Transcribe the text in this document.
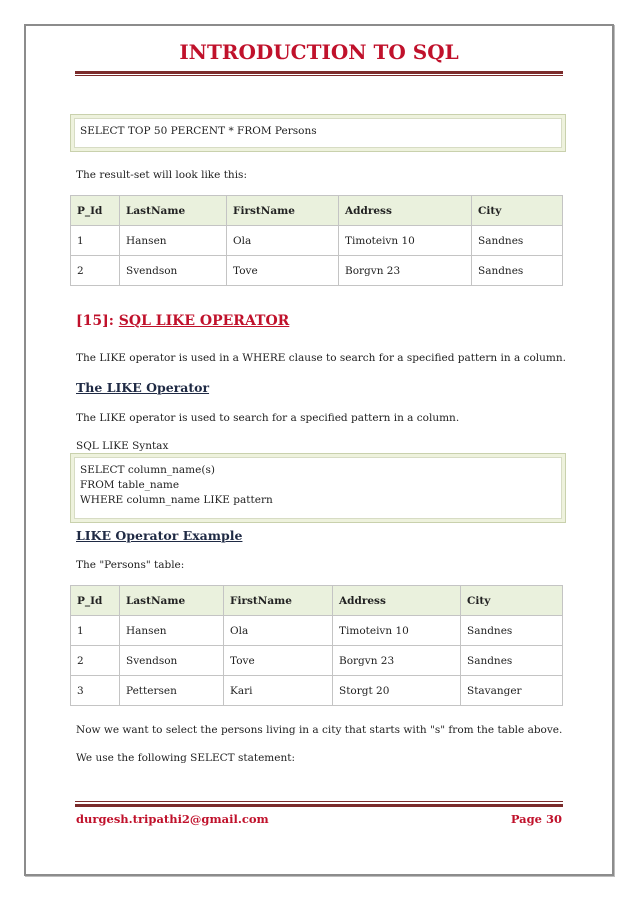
INTRODUCTION TO SQL
SELECT TOP 50 PERCENT * FROM Persons
The result-set will look like this:
P_Id	LastName	FirstName	Address	City
1	Hansen	Ola	Timoteivn 10	Sandnes
2	Svendson	Tove	Borgvn 23	Sandnes
[15]: SQL LIKE OPERATOR
The LIKE operator is used in a WHERE clause to search for a specified pattern in a column.
The LIKE Operator
The LIKE operator is used to search for a specified pattern in a column.
SQL LIKE Syntax
SELECT column_name(s)
FROM table_name
WHERE column_name LIKE pattern
LIKE Operator Example
The "Persons" table:
P_Id	LastName	FirstName	Address	City
1	Hansen	Ola	Timoteivn 10	Sandnes
2	Svendson	Tove	Borgvn 23	Sandnes
3	Pettersen	Kari	Storgt 20	Stavanger
Now we want to select the persons living in a city that starts with "s" from the table above.
We use the following SELECT statement:
durgesh.tripathi2@gmail.com	Page 30
